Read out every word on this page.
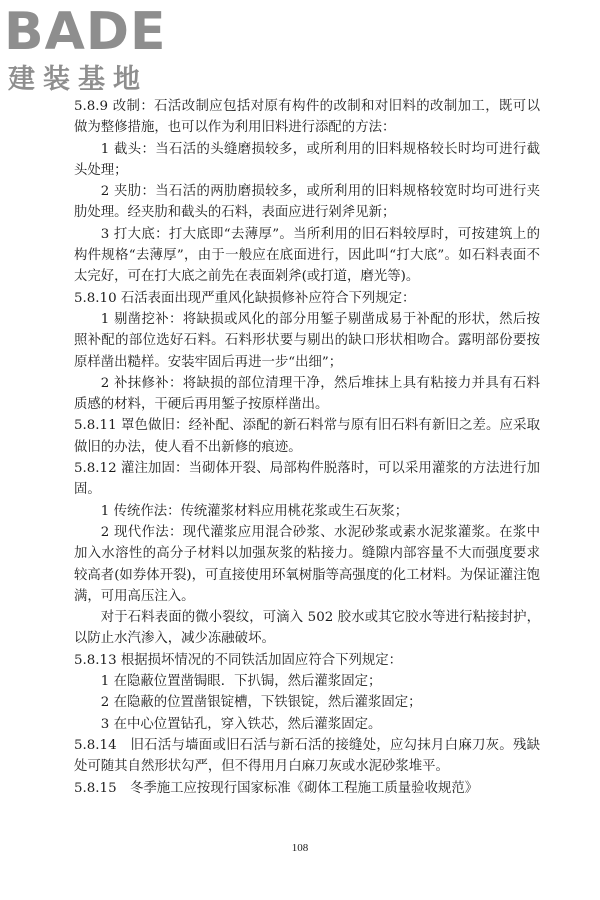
BADE
建装基地

5.8.9 改制：石活改制应包括对原有构件的改制和对旧料的改制加工，既可以做为整修措施，也可以作为利用旧料进行添配的方法：

1 截头：当石活的头缝磨损较多，或所利用的旧料规格较长时均可进行截头处理；

2 夹肋：当石活的两肋磨损较多，或所利用的旧料规格较宽时均可进行夹肋处理。经夹肋和截头的石料，表面应进行剁斧见新；

3 打大底：打大底即“去薄厚”。当所利用的旧石料较厚时，可按建筑上的构件规格“去薄厚”，由于一般应在底面进行，因此叫“打大底”。如石料表面不太完好，可在打大底之前先在表面剁斧(或打道，磨光等)。

5.8.10 石活表面出现严重风化缺损修补应符合下列规定：

1 剔凿挖补：将缺损或风化的部分用錾子剔凿成易于补配的形状，然后按照补配的部位选好石料。石料形状要与剔出的缺口形状相吻合。露明部份要按原样凿出糙样。安装牢固后再进一步“出细”；

2 补抹修补：将缺损的部位清理干净，然后堆抹上具有粘接力并具有石料质感的材料，干硬后再用錾子按原样凿出。

5.8.11 罩色做旧：经补配、添配的新石料常与原有旧石料有新旧之差。应采取做旧的办法，使人看不出新修的痕迹。

5.8.12 灌注加固：当砌体开裂、局部构件脱落时，可以采用灌浆的方法进行加固。

1 传统作法：传统灌浆材料应用桃花浆或生石灰浆；

2 现代作法：现代灌浆应用混合砂浆、水泥砂浆或素水泥浆灌浆。在浆中加入水溶性的高分子材料以加强灰浆的粘接力。缝隙内部容量不大而强度要求较高者(如券体开裂)，可直接使用环氧树脂等高强度的化工材料。为保证灌注饱满，可用高压注入。

对于石料表面的微小裂纹，可滴入 502 胶水或其它胶水等进行粘接封护，以防止水汽渗入，减少冻融破坏。

5.8.13 根据损坏情况的不同铁活加固应符合下列规定：

1 在隐蔽位置凿锔眼．下扒锔，然后灌浆固定；

2 在隐蔽的位置凿银锭槽，下铁银锭，然后灌浆固定；

3 在中心位置钻孔，穿入铁芯，然后灌浆固定。

5.8.14　旧石活与墙面或旧石活与新石活的接缝处，应勾抹月白麻刀灰。残缺处可随其自然形状勾严，但不得用月白麻刀灰或水泥砂浆堆平。

5.8.15　冬季施工应按现行国家标准《砌体工程施工质量验收规范》

108
